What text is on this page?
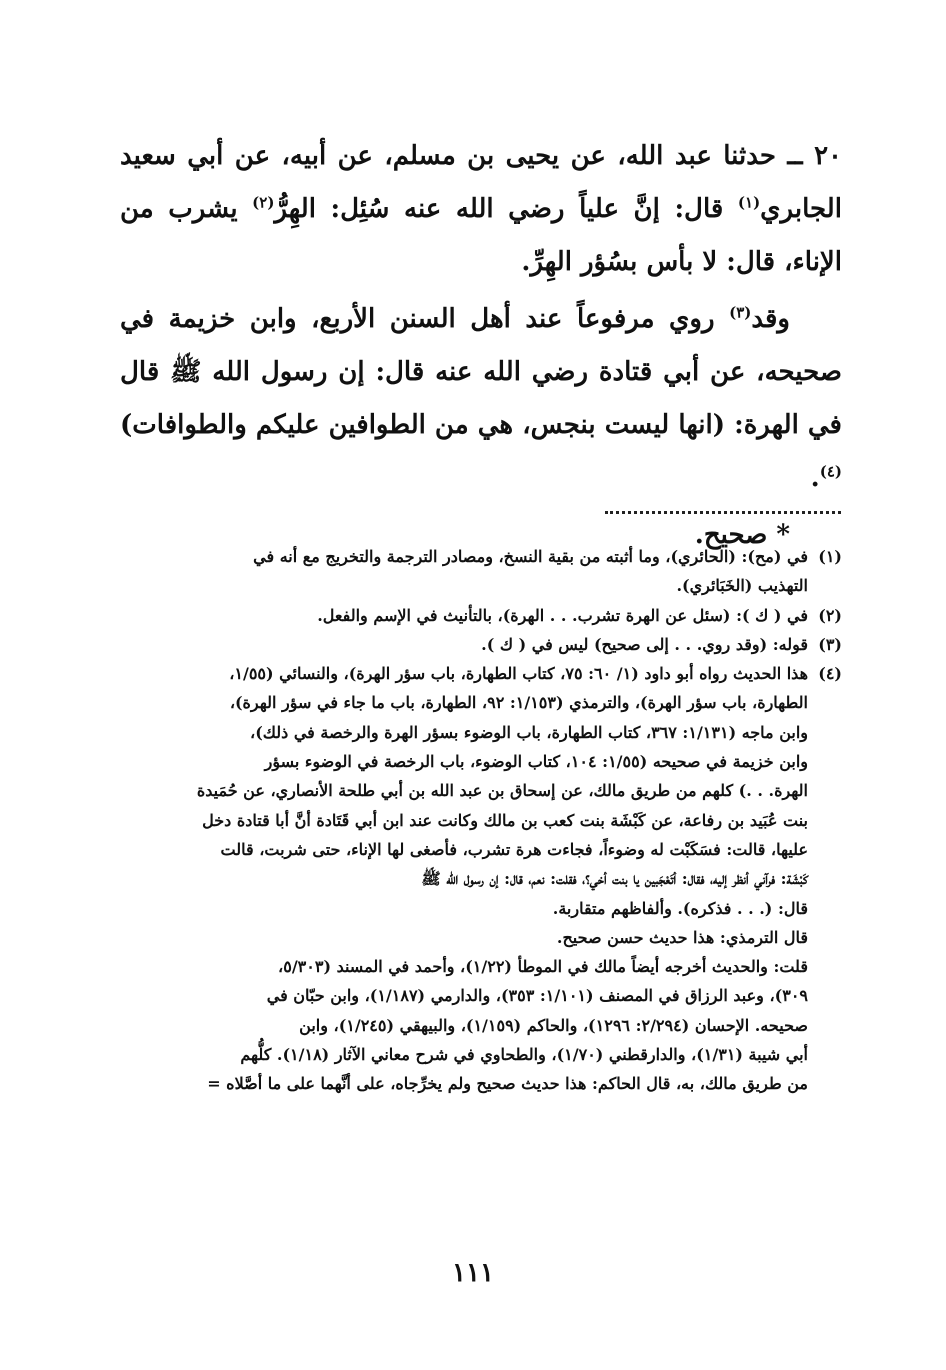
٢٠ ــ حدثنا عبد الله، عن يحيى بن مسلم، عن أبيه، عن أبي سعيد الجابري$^{(١)}$ قال: إنَّ علياً رضي الله عنه سُئِل: الهِرُّ$^{(٢)}$ يشرب من الإناء، قال: لا بأس بسُؤر الهِرِّ.

وقد$^{(٣)}$ روي مرفوعاً عند أهل السنن الأربع، وابن خزيمة في صحيحه، عن أبي قتادة رضي الله عنه قال: إن رسول الله ﷺ قال في الهرة: (انها ليست بنجس، هي من الطوافين عليكم والطوافات)$^{(٤)}$.

* صحيح.

(١)
في (مح): (الحائري)، وما أثبته من بقية النسخ، ومصادر الترجمة والتخريج مع أنه في
التهذيب (الخَبَائري).
(٢)
في ( ك ): (سئل عن الهرة تشرب. . . الهرة)، بالتأنيث في الإسم والفعل.
(٣)
قوله: (وقد روي. . . إلى صحيح) ليس في ( ك ).
(٤)
هذا الحديث رواه أبو داود (١/ ٦٠: ٧٥، كتاب الطهارة، باب سؤر الهرة)، والنسائي (١/٥٥،
الطهارة، باب سؤر الهرة)، والترمذي (١/١٥٣: ٩٢، الطهارة، باب ما جاء في سؤر الهرة)،
وابن ماجه (١/١٣١: ٣٦٧، كتاب الطهارة، باب الوضوء بسؤر الهرة والرخصة في ذلك)،
وابن خزيمة في صحيحه (١/٥٥: ١٠٤، كتاب الوضوء، باب الرخصة في الوضوء بسؤر
الهرة. . .) كلهم من طريق مالك، عن إسحاق بن عبد الله بن أبي طلحة الأنصاري، عن حُمَيدة
بنت عُبَيد بن رفاعة، عن كَبْشَة بنت كعب بن مالك وكانت عند ابن أبي قَتَادة أنَّ أبا قتادة دخل
عليها، قالت: فسَكَبْت له وضوءاً، فجاءت هرة تشرب، فأصغى لها الإناء، حتى شربت، قالت
كَبْشَة: فرآني أنظر إليه، فقال: أتَعْجَبين يا بنت أخي؟، فقلت: نعم، قال: إن رسول الله ﷺ
قال: (. . . فذكره). وألفاظهم متقاربة.
قال الترمذي: هذا حديث حسن صحيح.
قلت: والحديث أخرجه أيضاً مالك في الموطأ (١/٢٢)، وأحمد في المسند (٥/٣٠٣،
٣٠٩)، وعبد الرزاق في المصنف (١/١٠١: ٣٥٣)، والدارمي (١/١٨٧)، وابن حبّان في
صحيحه. الإحسان (٢/٢٩٤: ١٢٩٦)، والحاكم (١/١٥٩)، والبيهقي (١/٢٤٥)، وابن
أبي شيبة (١/٣١)، والدارقطني (١/٧٠)، والطحاوي في شرح معاني الآثار (١/١٨). كلُّهم
من طريق مالك، به، قال الحاكم: هذا حديث صحيح ولم يخرِّجاه، على أنَّهما على ما أصَّلاه =
١١١
